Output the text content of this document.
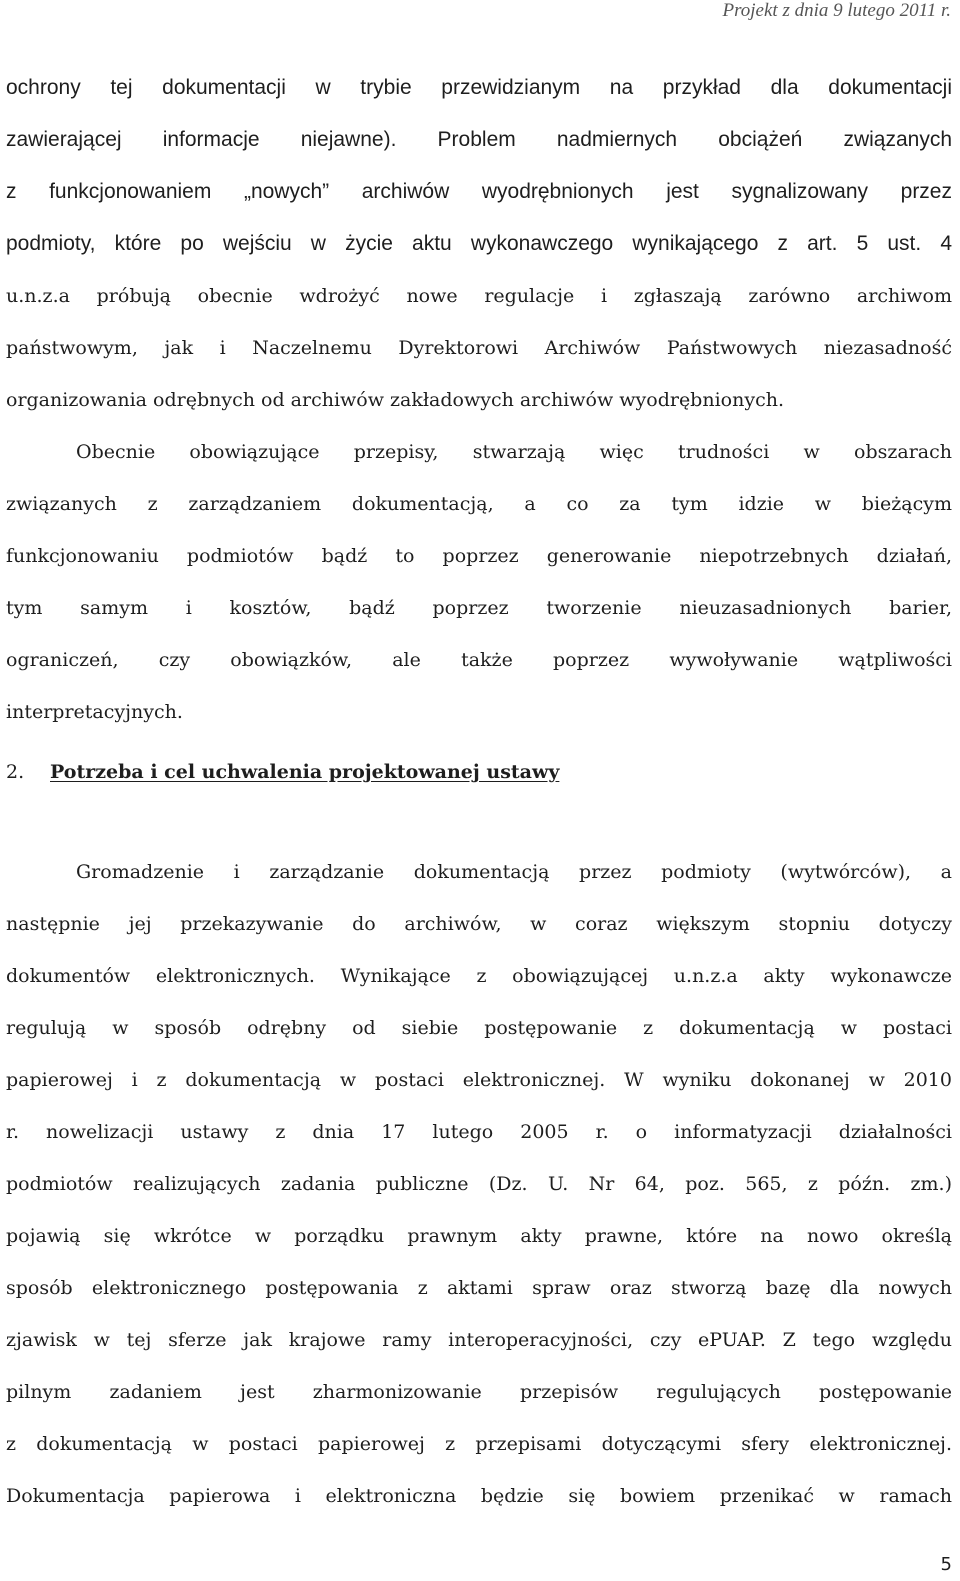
Projekt z dnia 9 lutego 2011 r.
ochrony tej dokumentacji w trybie przewidzianym na przykład dla dokumentacji
zawierającej informacje niejawne). Problem nadmiernych obciążeń związanych
z funkcjonowaniem „nowych” archiwów wyodrębnionych jest sygnalizowany przez
podmioty, które po wejściu w życie aktu wykonawczego wynikającego z art. 5 ust. 4
u.n.z.a próbują obecnie wdrożyć nowe regulacje i zgłaszają zarówno archiwom
państwowym, jak i Naczelnemu Dyrektorowi Archiwów Państwowych niezasadność
organizowania odrębnych od archiwów zakładowych archiwów wyodrębnionych.
Obecnie obowiązujące przepisy, stwarzają więc trudności w obszarach
związanych z zarządzaniem dokumentacją, a co za tym idzie w bieżącym
funkcjonowaniu podmiotów bądź to poprzez generowanie niepotrzebnych działań,
tym samym i kosztów, bądź poprzez tworzenie nieuzasadnionych barier,
ograniczeń, czy obowiązków, ale także poprzez wywoływanie wątpliwości
interpretacyjnych.
2. Potrzeba i cel uchwalenia projektowanej ustawy
Gromadzenie i zarządzanie dokumentacją przez podmioty (wytwórców), a
następnie jej przekazywanie do archiwów, w coraz większym stopniu dotyczy
dokumentów elektronicznych. Wynikające z obowiązującej u.n.z.a akty wykonawcze
regulują w sposób odrębny od siebie postępowanie z dokumentacją w postaci
papierowej i z dokumentacją w postaci elektronicznej. W wyniku dokonanej w 2010
r. nowelizacji ustawy z dnia 17 lutego 2005 r. o informatyzacji działalności
podmiotów realizujących zadania publiczne (Dz. U. Nr 64, poz. 565, z późn. zm.)
pojawią się wkrótce w porządku prawnym akty prawne, które na nowo określą
sposób elektronicznego postępowania z aktami spraw oraz stworzą bazę dla nowych
zjawisk w tej sferze jak krajowe ramy interoperacyjności, czy ePUAP. Z tego względu
pilnym zadaniem jest zharmonizowanie przepisów regulujących postępowanie
z dokumentacją w postaci papierowej z przepisami dotyczącymi sfery elektronicznej.
Dokumentacja papierowa i elektroniczna będzie się bowiem przenikać w ramach
5
